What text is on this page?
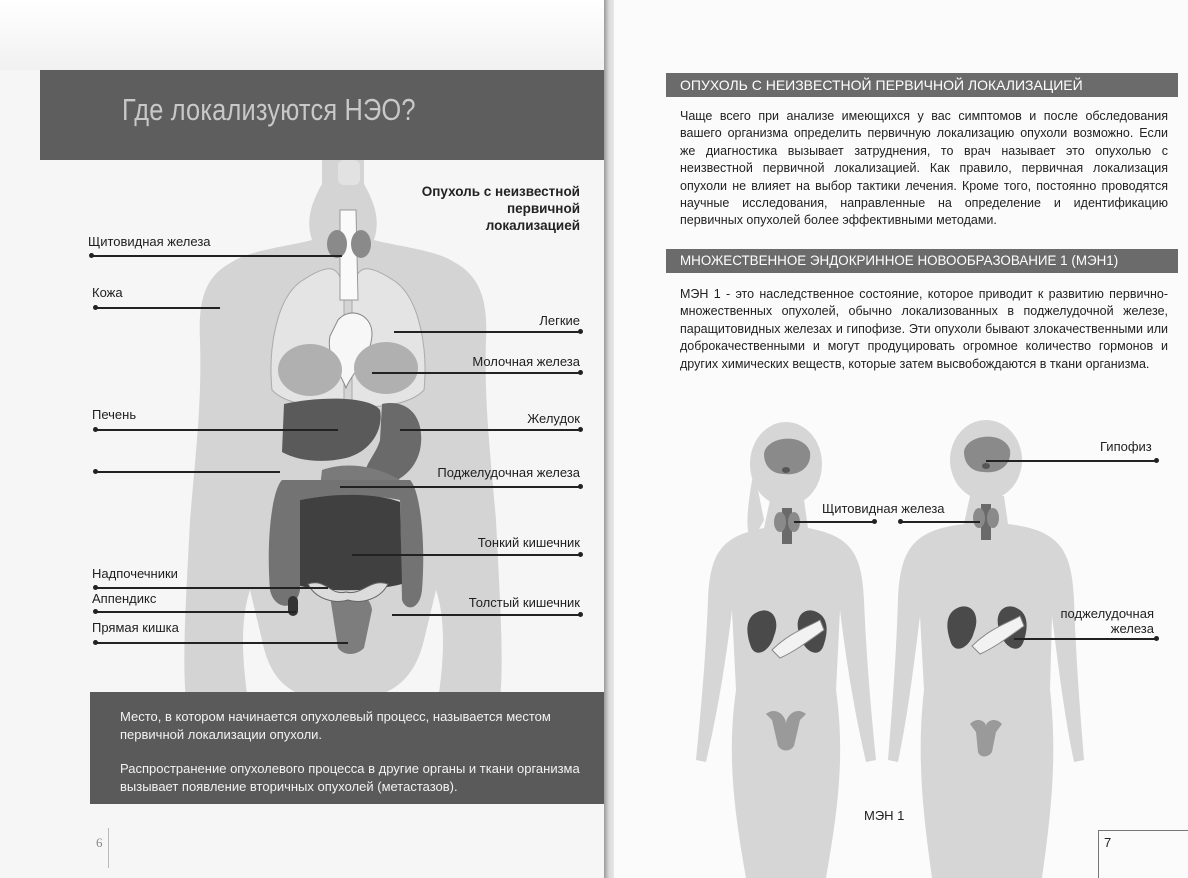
Где локализуются НЭО?
Опухоль с неизвестной
первичной
локализацией
Щитовидная железа
Кожа
Печень
Надпочечники
Аппендикс
Прямая кишка
Легкие
Молочная железа
Желудок
Поджелудочная железа
Тонкий кишечник
Толстый кишечник
Место, в котором начинается опухолевый процесс, называется местом первичной локализации опухоли.
Распространение опухолевого процесса в другие органы и ткани организма вызывает появление вторичных опухолей (метастазов).
6
ОПУХОЛЬ С НЕИЗВЕСТНОЙ ПЕРВИЧНОЙ ЛОКАЛИЗАЦИЕЙ
Чаще всего при анализе имеющихся у вас симптомов и после обследования вашего организма определить первичную локализацию опухоли возможно. Если же диагностика вызывает затруднения, то врач называет это опухолью с неизвестной первичной локализацией. Как правило, первичная локализация опухоли не влияет на выбор тактики лечения. Кроме того, постоянно проводятся научные исследования, направленные на определение и идентификацию первичных опухолей более эффективными методами.
МНОЖЕСТВЕННОЕ ЭНДОКРИННОЕ НОВООБРАЗОВАНИЕ 1 (МЭН1)
МЭН 1 - это наследственное состояние, которое приводит к развитию первично-множественных опухолей, обычно локализованных в поджелудочной железе, паращитовидных железах и гипофизе. Эти опухоли бывают злокачественными или доброкачественными и могут продуцировать огромное количество гормонов и других химических веществ, которые затем высвобождаются в ткани организма.
Гипофиз
Щитовидная железа
поджелудочная
железа
МЭН 1
7
